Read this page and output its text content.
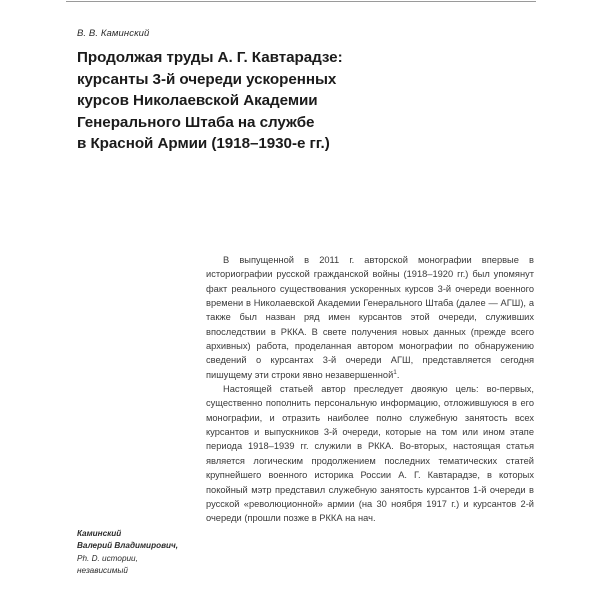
В. В. Каминский
Продолжая труды А. Г. Кавтарадзе:
курсанты 3-й очереди ускоренных
курсов Николаевской Академии
Генерального Штаба на службе
в Красной Армии (1918–1930-е гг.)
Каминский
Валерий Владимирович,
Ph. D. истории,
независимый

В выпущенной в 2011 г. авторской монографии впервые в историографии русской гражданской войны (1918–1920 гг.) был упомянут факт реального существования ускоренных курсов 3-й очереди военного времени в Николаевской Академии Генерального Штаба (далее — АГШ), а также был назван ряд имен курсантов этой очереди, служивших впоследствии в РККА. В свете получения новых данных (прежде всего архивных) работа, проделанная автором монографии по обнаружению сведений о курсантах 3-й очереди АГШ, представляется сегодня пишущему эти строки явно незавершенной$^1$.

Настоящей статьей автор преследует двоякую цель: во-первых, существенно пополнить персональную информацию, отложившуюся в его монографии, и отразить наиболее полно служебную занятость всех курсантов и выпускников 3-й очереди, которые на том или ином этапе периода 1918–1939 гг. служили в РККА. Во-вторых, настоящая статья является логическим продолжением последних тематических статей крупнейшего военного историка России А. Г. Кавтарадзе, в которых покойный мэтр представил служебную занятость курсантов 1-й очереди в русской «революционной» армии (на 30 ноября 1917 г.) и курсантов 2-й очереди (прошли позже в РККА на нач.
